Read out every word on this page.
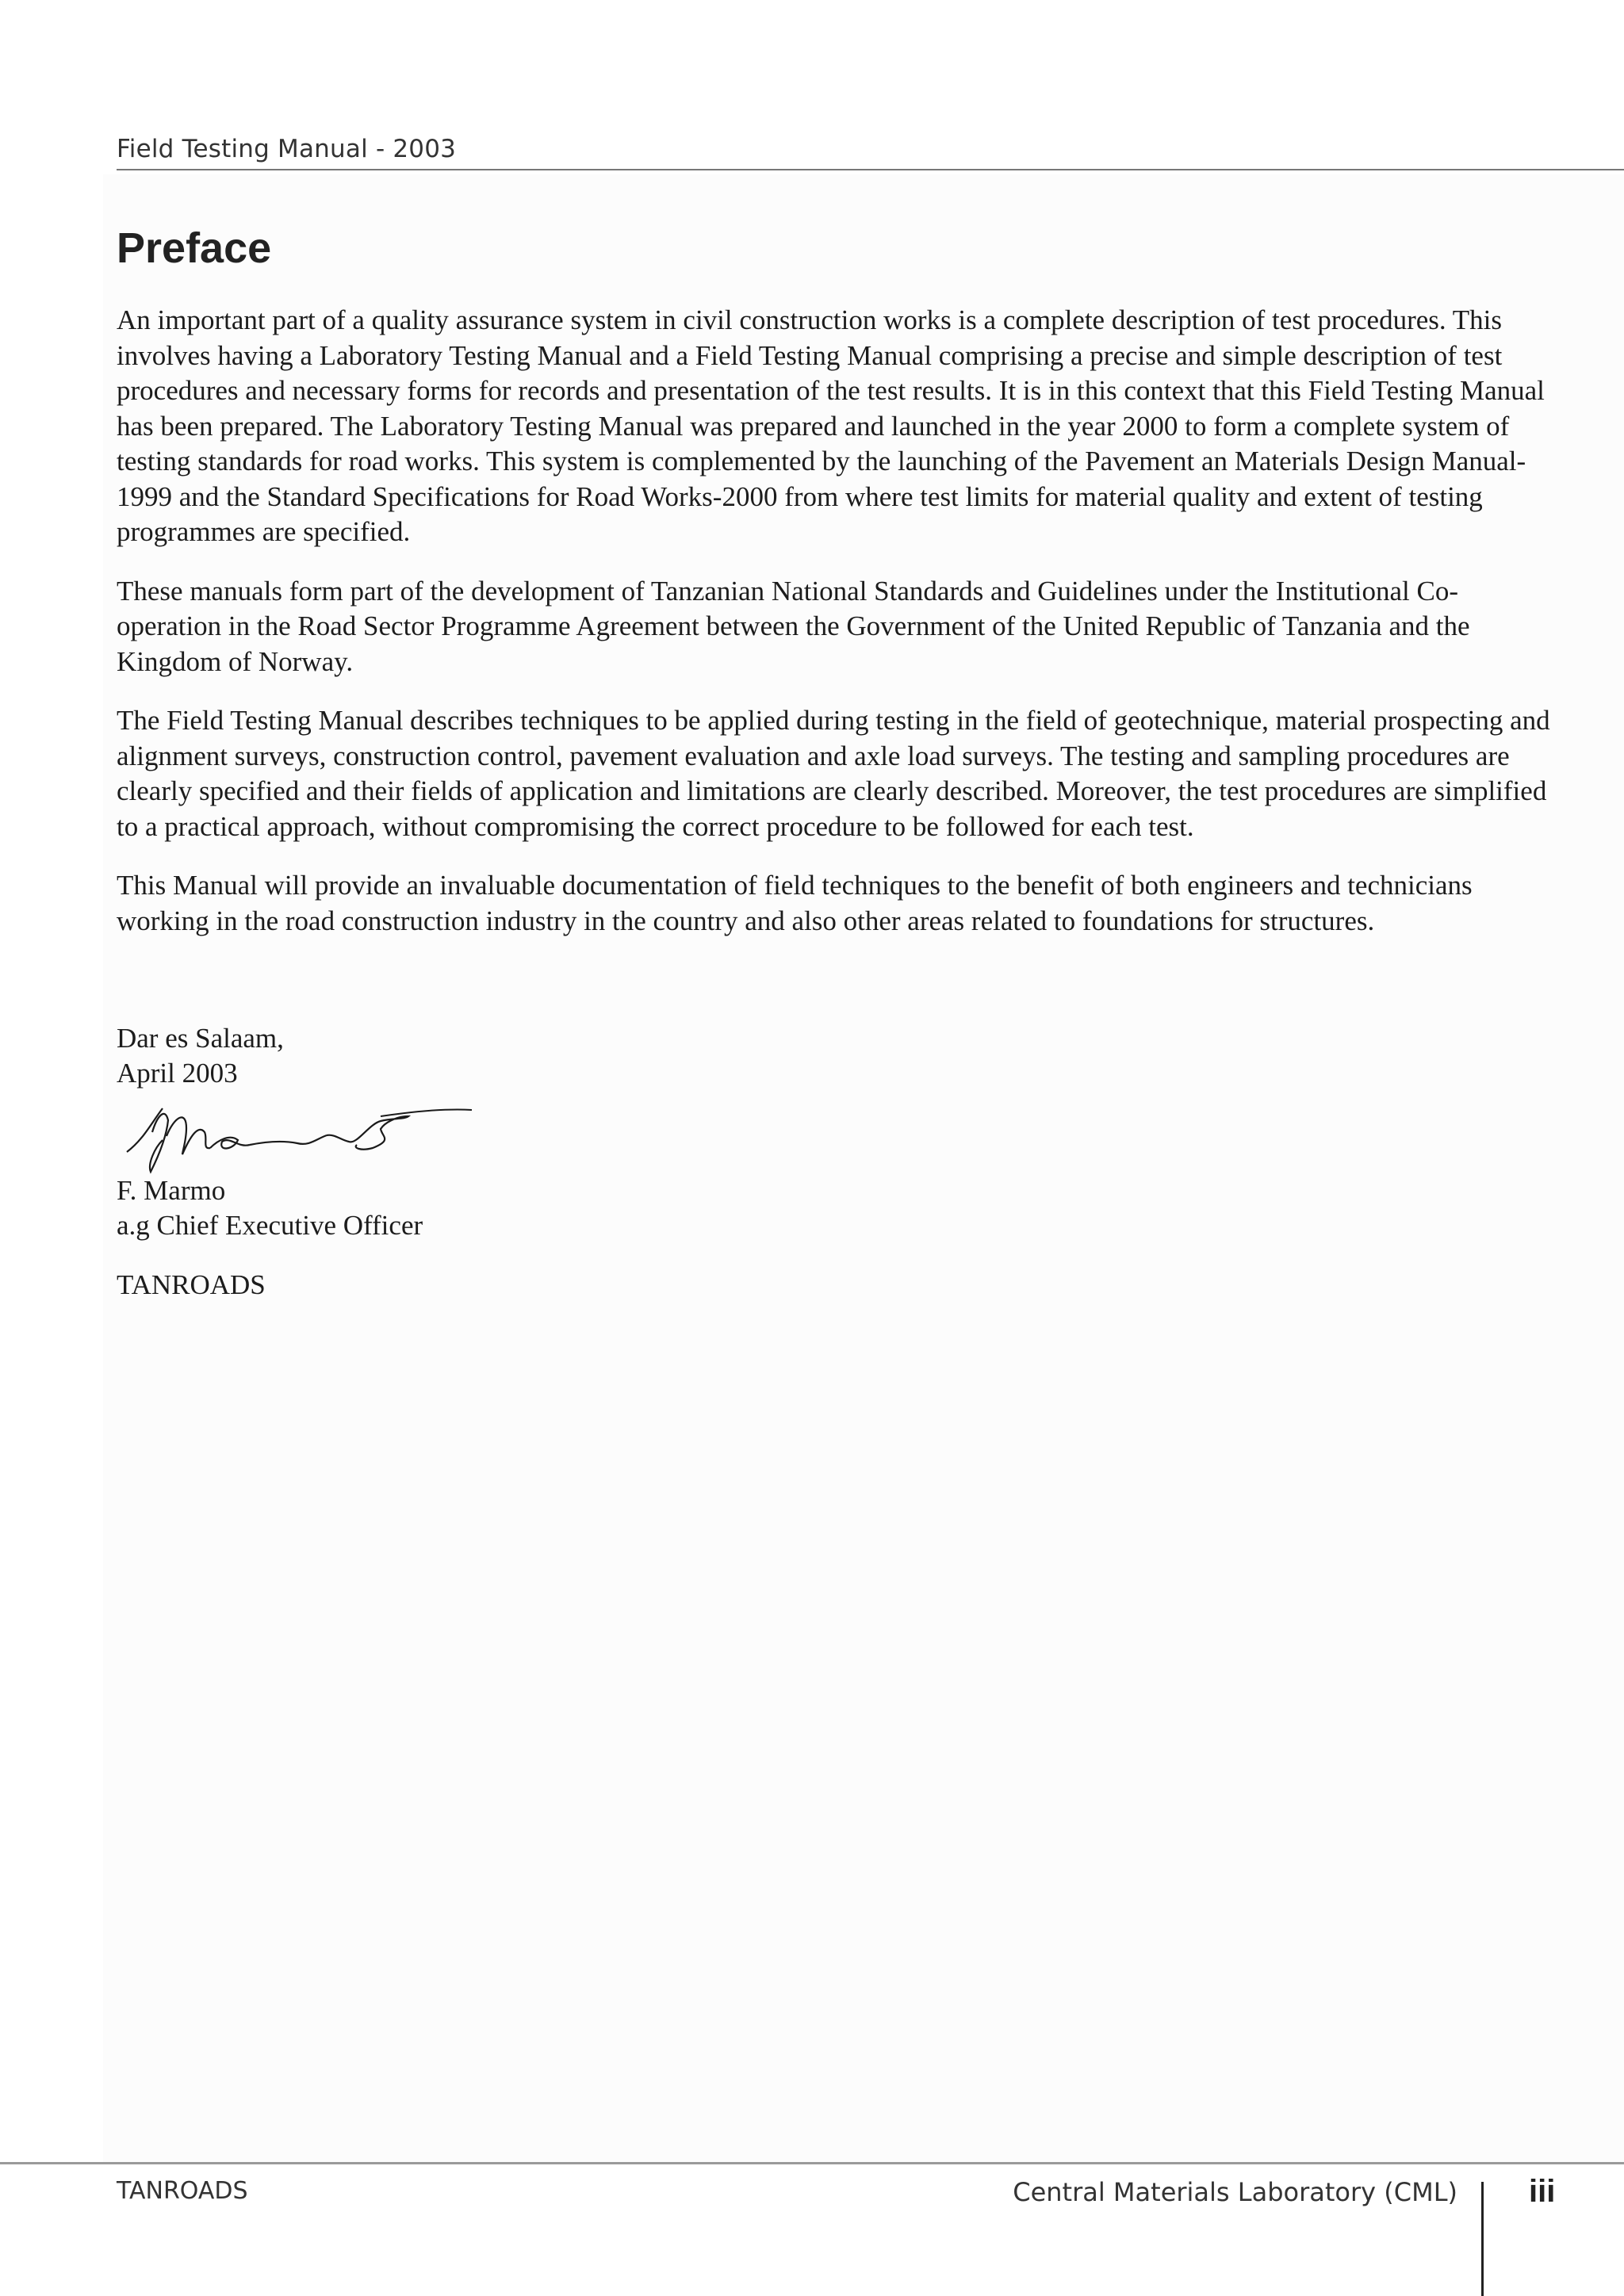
Field Testing Manual - 2003
Preface

An important part of a quality assurance system in civil construction works is a complete description of test procedures. This involves having a Laboratory Testing Manual and a Field Testing Manual comprising a precise and simple description of test procedures and necessary forms for records and presentation of the test results. It is in this context that this Field Testing Manual has been prepared. The Laboratory Testing Manual was prepared and launched in the year 2000 to form a complete system of testing standards for road works. This system is complemented by the launching of the Pavement an Materials Design Manual-1999 and the Standard Specifications for Road Works-2000 from where test limits for material quality and extent of testing programmes are specified.

These manuals form part of the development of Tanzanian National Standards and Guidelines under the Institutional Co-operation in the Road Sector Programme Agreement between the Government of the United Republic of Tanzania and the Kingdom of Norway.

The Field Testing Manual describes techniques to be applied during testing in the field of geotechnique, material prospecting and alignment surveys, construction control, pavement evaluation and axle load surveys. The testing and sampling procedures are clearly specified and their fields of application and limitations are clearly described. Moreover, the test procedures are simplified to a practical approach, without compromising the correct procedure to be followed for each test.

This Manual will provide an invaluable documentation of field techniques to the benefit of both engineers and technicians working in the road construction industry in the country and also other areas related to foundations for structures.

Dar es Salaam,
April 2003
F. Marmo
a.g Chief Executive Officer
TANROADS
TANROADS	Central Materials Laboratory (CML) iii
